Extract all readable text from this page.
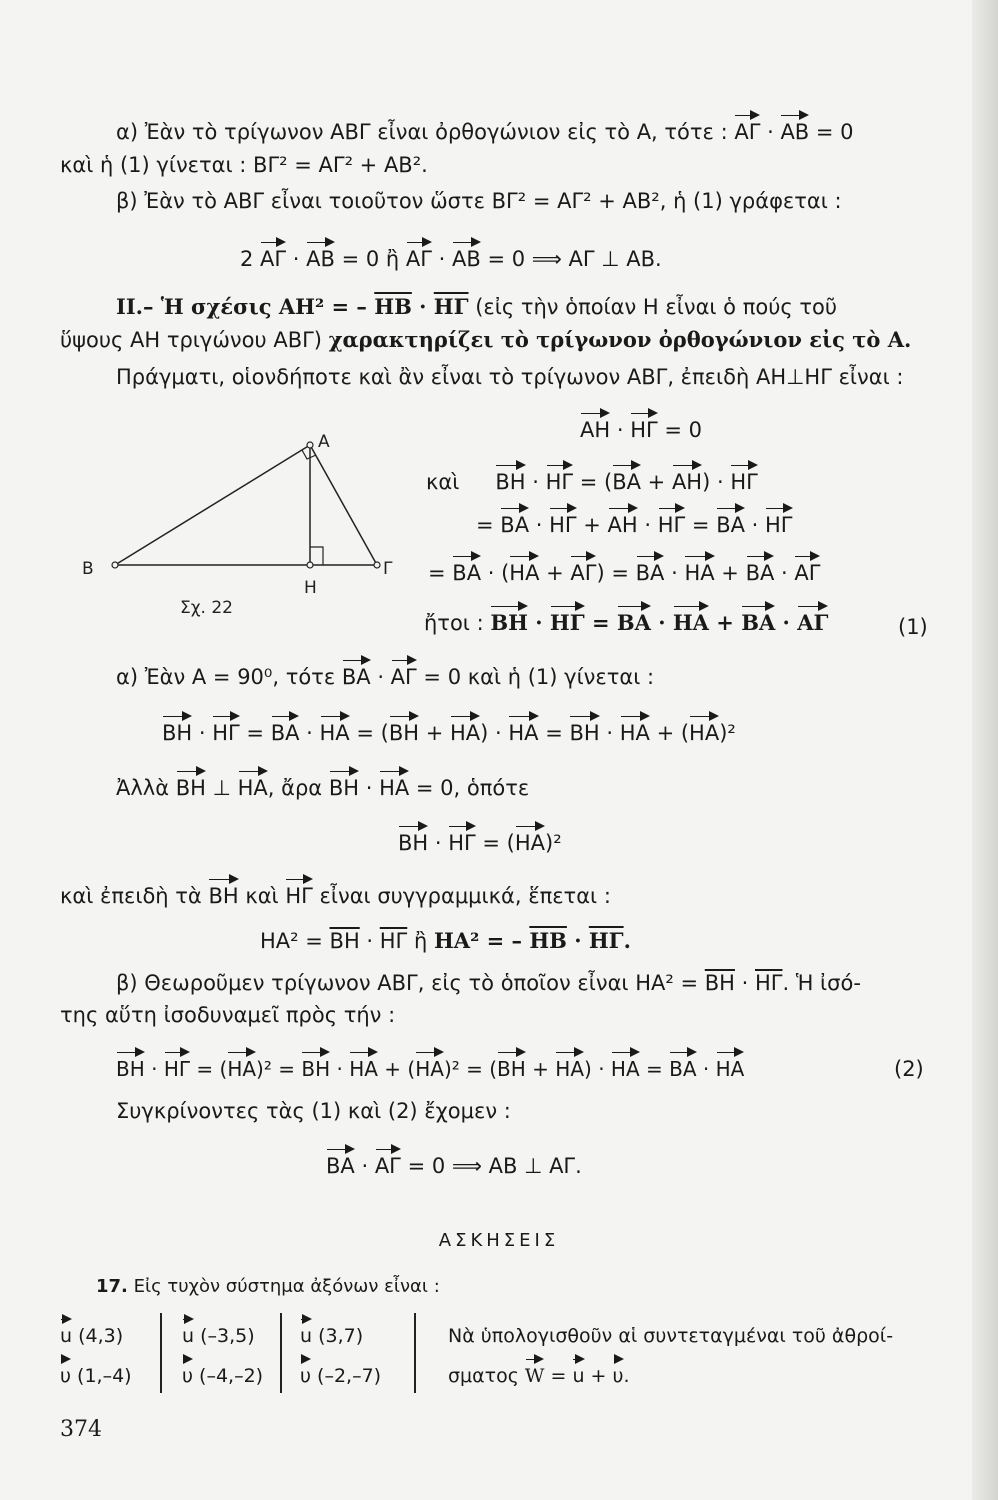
α) Ἐὰν τὸ τρίγωνον ΑΒΓ εἶναι ὀρθογώνιον εἰς τὸ Α, τότε : ΑΓ · ΑΒ = 0
καὶ ἡ (1) γίνεται : ΒΓ² = ΑΓ² + ΑΒ².
β) Ἐὰν τὸ ΑΒΓ εἶναι τοιοῦτον ὥστε ΒΓ² = ΑΓ² + ΑΒ², ἡ (1) γράφεται :
2 ΑΓ · ΑΒ = 0 ἢ ΑΓ · ΑΒ = 0 ⟹ ΑΓ ⊥ ΑΒ.
II.– Ἡ σχέσις ΑΗ² = – $\overline{HB} \cdot \overline{H\Gamma}$ (εἰς τὴν ὁποίαν Η εἶναι ὁ πούς τοῦ
ὕψους ΑΗ τριγώνου ΑΒΓ) χαρακτηρίζει τὸ τρίγωνον ὀρθογώνιον εἰς τὸ Α.
Πράγματι, οἱονδήποτε καὶ ἂν εἶναι τὸ τρίγωνον ΑΒΓ, ἐπειδὴ ΑΗ⊥ΗΓ εἶναι :
ΑΗ · ΗΓ = 0
καὶ ΒΗ · ΗΓ = (ΒΑ + ΑΗ) · ΗΓ
= ΒΑ · ΗΓ + ΑΗ · ΗΓ = ΒΑ · ΗΓ
= ΒΑ · (ΗΑ + ΑΓ) = ΒΑ · ΗΑ + ΒΑ · ΑΓ
ἤτοι : ΒΗ · ΗΓ = ΒΑ · ΗΑ + ΒΑ · ΑΓ	(1)
Α
Β
Η
Γ
Σχ. 22
α) Ἐὰν Α = 90⁰, τότε ΒΑ · ΑΓ = 0 καὶ ἡ (1) γίνεται :
ΒΗ · ΗΓ = ΒΑ · ΗΑ = (ΒΗ + ΗΑ) · ΗΑ = ΒΗ · ΗΑ + (ΗΑ)²
Ἀλλὰ ΒΗ ⊥ ΗΑ, ἄρα ΒΗ · ΗΑ = 0, ὁπότε
ΒΗ · ΗΓ = (ΗΑ)²
καὶ ἐπειδὴ τὰ ΒΗ καὶ ΗΓ εἶναι συγγραμμικά, ἕπεται :
$HA^2 = \overline{BH} \cdot \overline{H\Gamma}$ ἢ ΗΑ² = – $\overline{HB} \cdot \overline{H\Gamma}$.
β) Θεωροῦμεν τρίγωνον ΑΒΓ, εἰς τὸ ὁποῖον εἶναι $HA^2 = \overline{BH} \cdot \overline{H\Gamma}$. Ἡ ἰσό-
της αὕτη ἰσοδυναμεῖ πρὸς τήν :
ΒΗ · ΗΓ = (ΗΑ)² = ΒΗ · ΗΑ + (ΗΑ)² = (ΒΗ + ΗΑ) · ΗΑ = ΒΑ · ΗΑ	(2)
Συγκρίνοντες τὰς (1) καὶ (2) ἔχομεν :
ΒΑ · ΑΓ = 0 ⟹ ΑΒ ⊥ ΑΓ.
ΑΣΚΗΣΕΙΣ
17. Εἰς τυχὸν σύστημα ἀξόνων εἶναι :
u (4,3)
υ (1,–4)
u (–3,5)
υ (–4,–2)
u (3,7)
υ (–2,–7)
Νὰ ὑπολογισθοῦν αἱ συντεταγμέναι τοῦ ἀθροί-
σματος W = u + υ.
374
